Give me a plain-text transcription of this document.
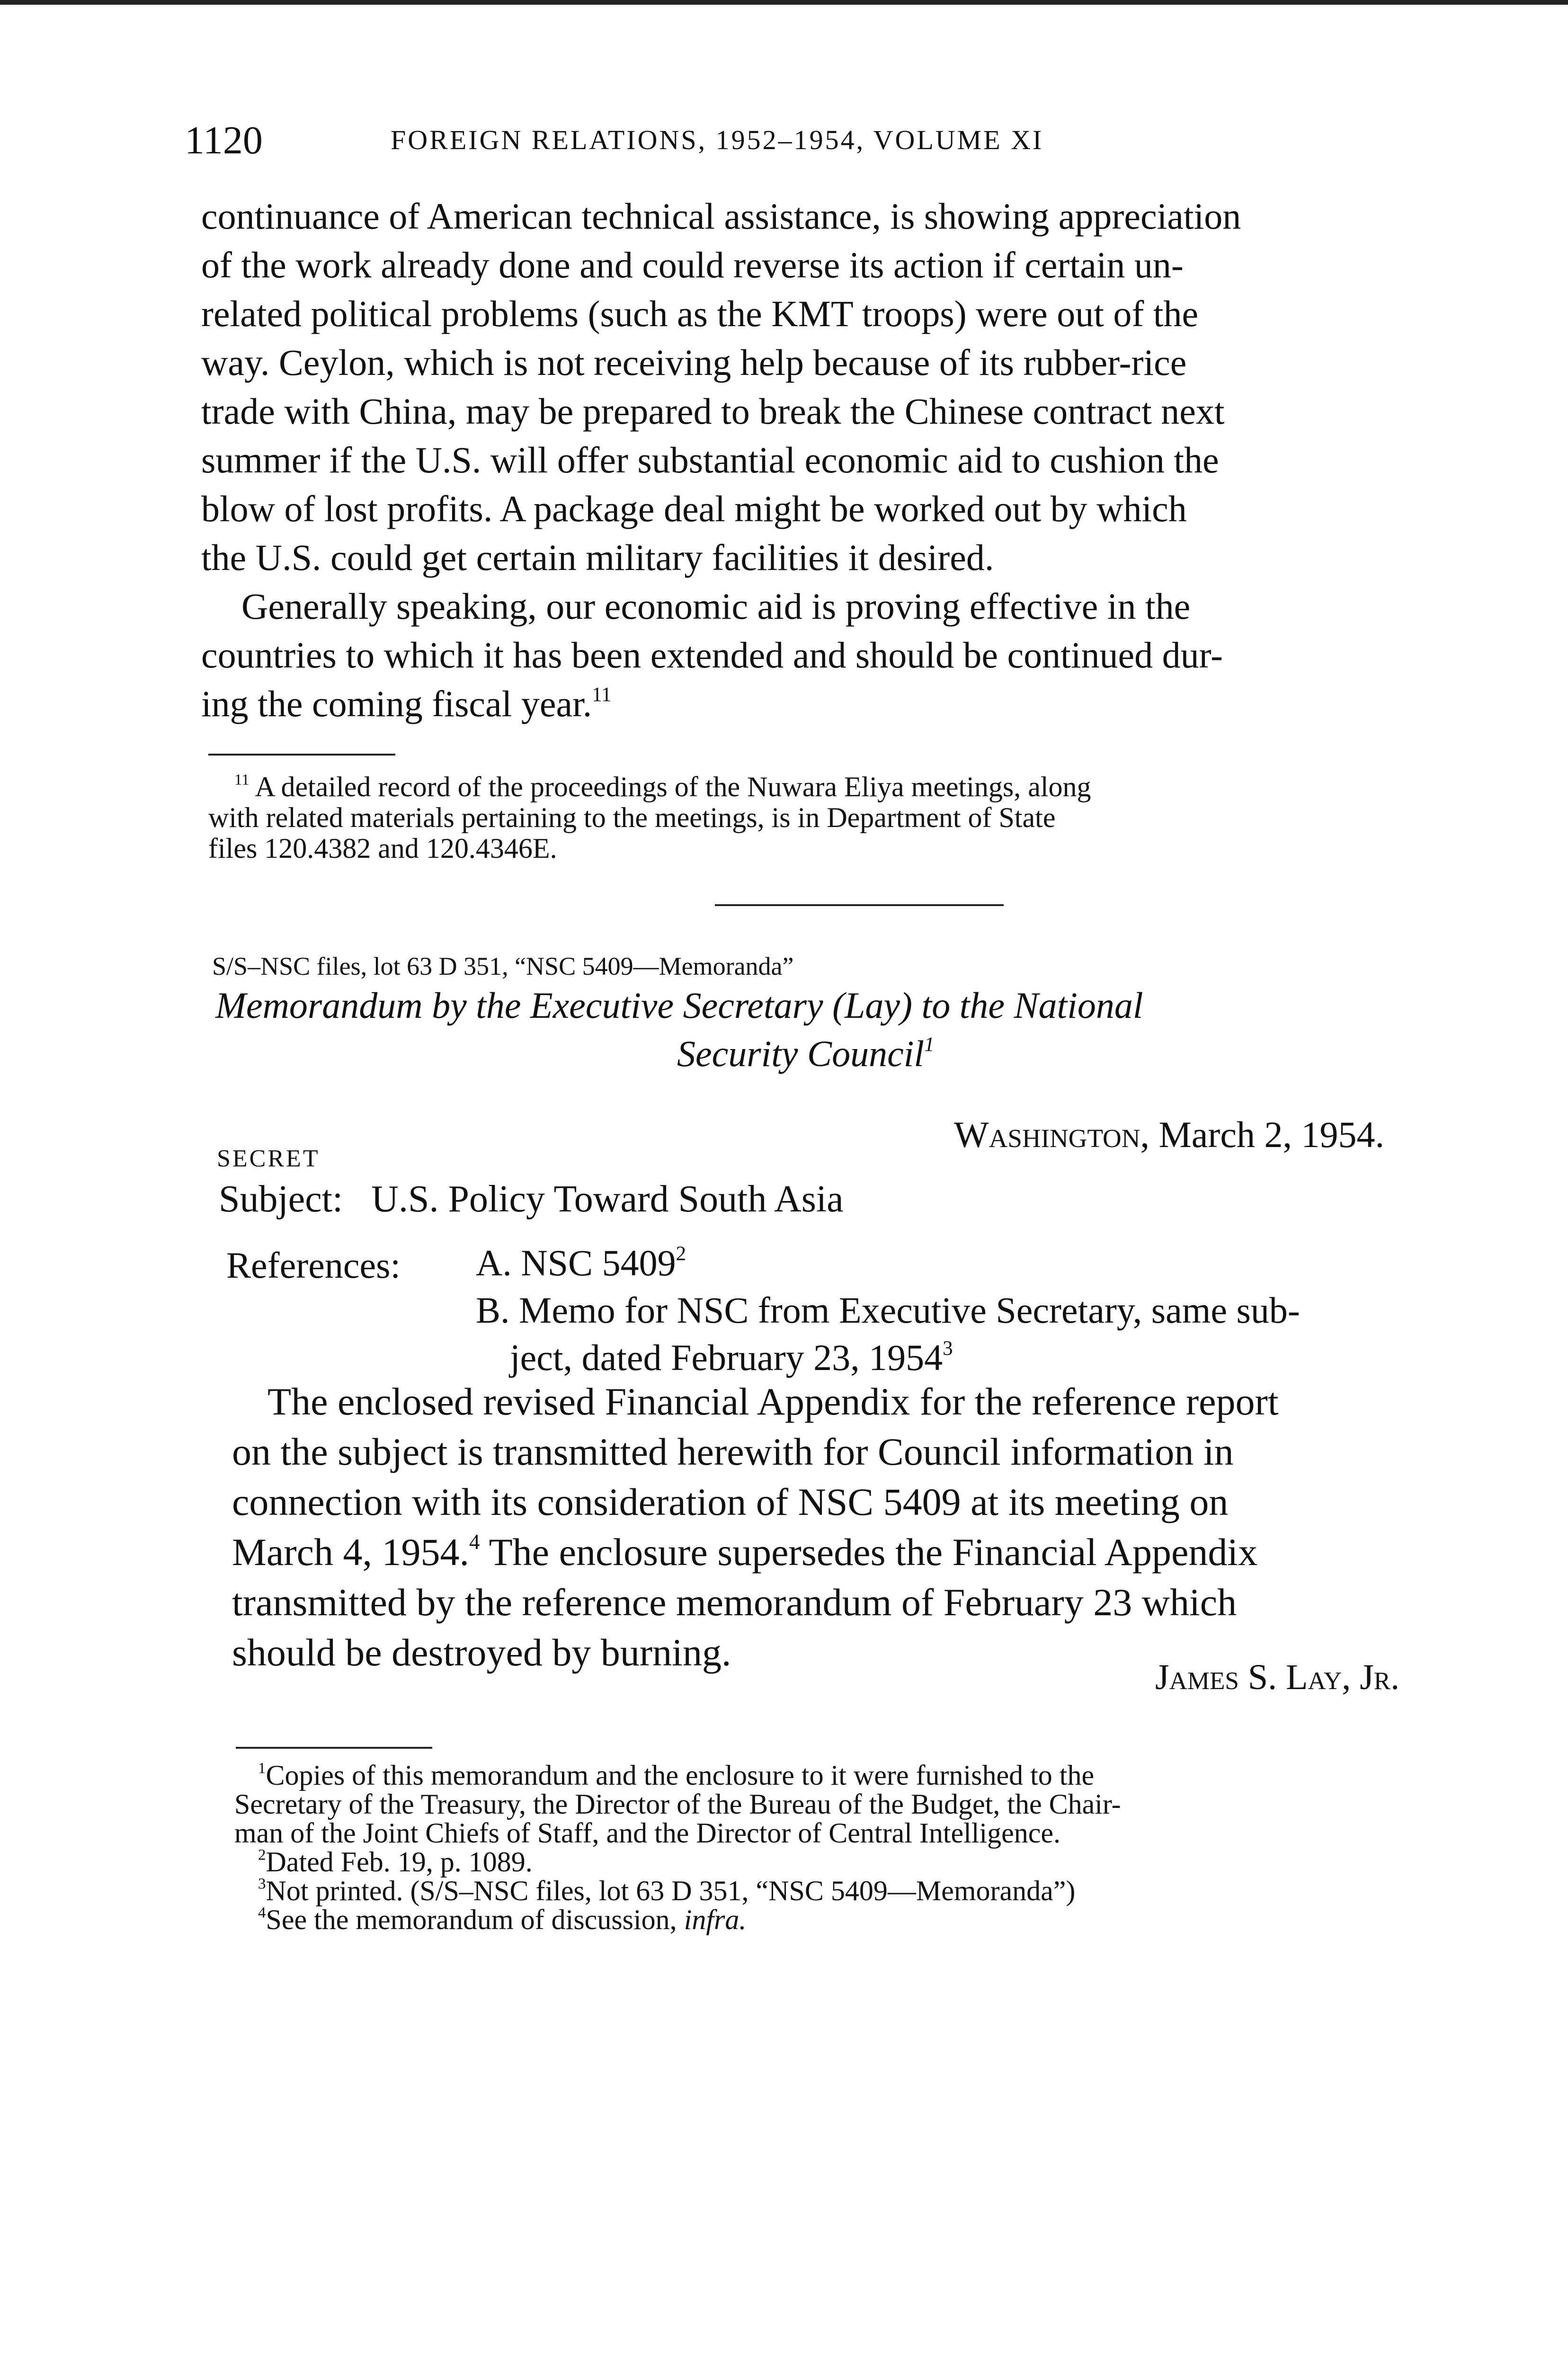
1120	FOREIGN RELATIONS, 1952–1954, VOLUME XI
continuance of American technical assistance, is showing appreciation
of the work already done and could reverse its action if certain un-
related political problems (such as the KMT troops) were out of the
way. Ceylon, which is not receiving help because of its rubber-rice
trade with China, may be prepared to break the Chinese contract next
summer if the U.S. will offer substantial economic aid to cushion the
blow of lost profits. A package deal might be worked out by which
the U.S. could get certain military facilities it desired.
Generally speaking, our economic aid is proving effective in the
countries to which it has been extended and should be continued dur-
ing the coming fiscal year.$^{11}$
$^{11}$ A detailed record of the proceedings of the Nuwara Eliya meetings, along
with related materials pertaining to the meetings, is in Department of State
files 120.4382 and 120.4346E.
S/S–NSC files, lot 63 D 351, “NSC 5409—Memoranda”
Memorandum by the Executive Secretary (Lay) to the National
Security Council$^1$
SECRET
Washington, March 2, 1954.
Subject: U.S. Policy Toward South Asia
References: A. NSC 5409$^2$
B. Memo for NSC from Executive Secretary, same sub-
ject, dated February 23, 1954$^3$
The enclosed revised Financial Appendix for the reference report
on the subject is transmitted herewith for Council information in
connection with its consideration of NSC 5409 at its meeting on
March 4, 1954.$^4$ The enclosure supersedes the Financial Appendix
transmitted by the reference memorandum of February 23 which
should be destroyed by burning.
James S. Lay, Jr.
$^1$Copies of this memorandum and the enclosure to it were furnished to the
Secretary of the Treasury, the Director of the Bureau of the Budget, the Chair-
man of the Joint Chiefs of Staff, and the Director of Central Intelligence.
$^2$Dated Feb. 19, p. 1089.
$^3$Not printed. (S/S–NSC files, lot 63 D 351, “NSC 5409—Memoranda”)
$^4$See the memorandum of discussion, infra.
